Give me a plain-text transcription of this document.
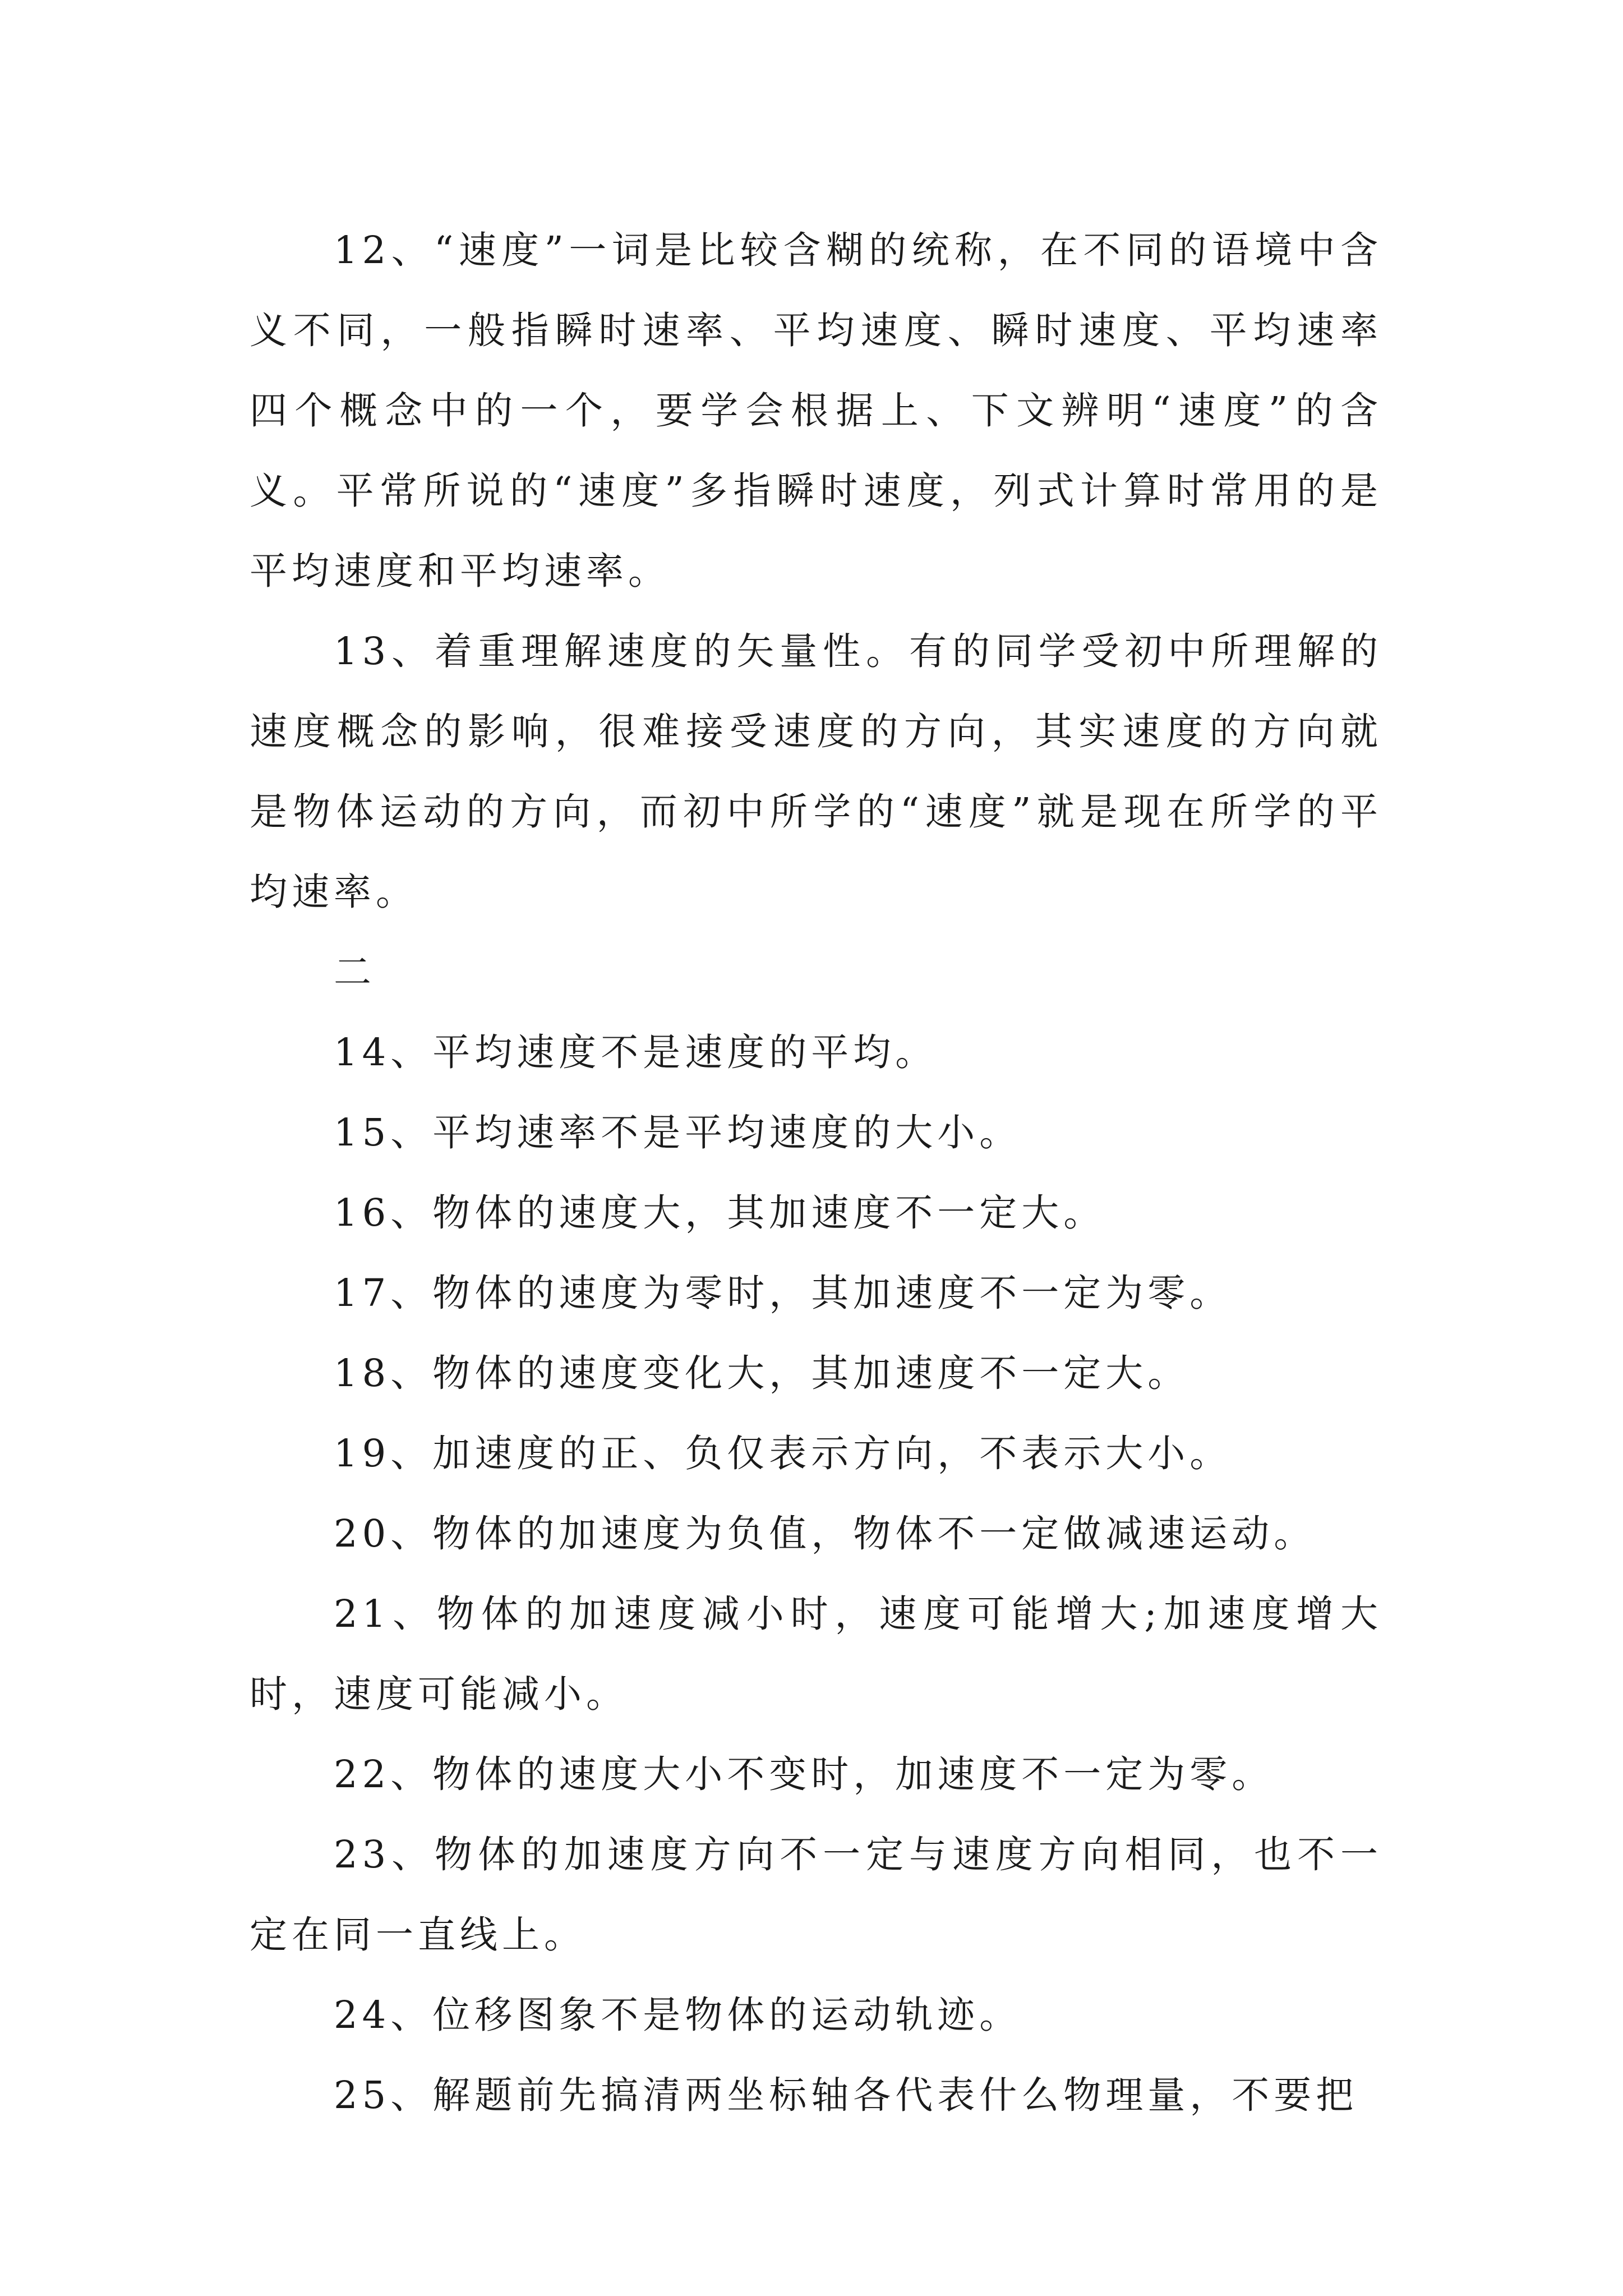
12、“速度”一词是比较含糊的统称，在不同的语境中含义不同，一般指瞬时速率、平均速度、瞬时速度、平均速率四个概念中的一个，要学会根据上、下文辨明“速度”的含义。平常所说的“速度”多指瞬时速度，列式计算时常用的是平均速度和平均速率。

13、着重理解速度的矢量性。有的同学受初中所理解的速度概念的影响，很难接受速度的方向，其实速度的方向就是物体运动的方向，而初中所学的“速度”就是现在所学的平均速率。

二

14、平均速度不是速度的平均。

15、平均速率不是平均速度的大小。

16、物体的速度大，其加速度不一定大。

17、物体的速度为零时，其加速度不一定为零。

18、物体的速度变化大，其加速度不一定大。

19、加速度的正、负仅表示方向，不表示大小。

20、物体的加速度为负值，物体不一定做减速运动。

21、物体的加速度减小时，速度可能增大;加速度增大时，速度可能减小。

22、物体的速度大小不变时，加速度不一定为零。

23、物体的加速度方向不一定与速度方向相同，也不一定在同一直线上。

24、位移图象不是物体的运动轨迹。

25、解题前先搞清两坐标轴各代表什么物理量，不要把
